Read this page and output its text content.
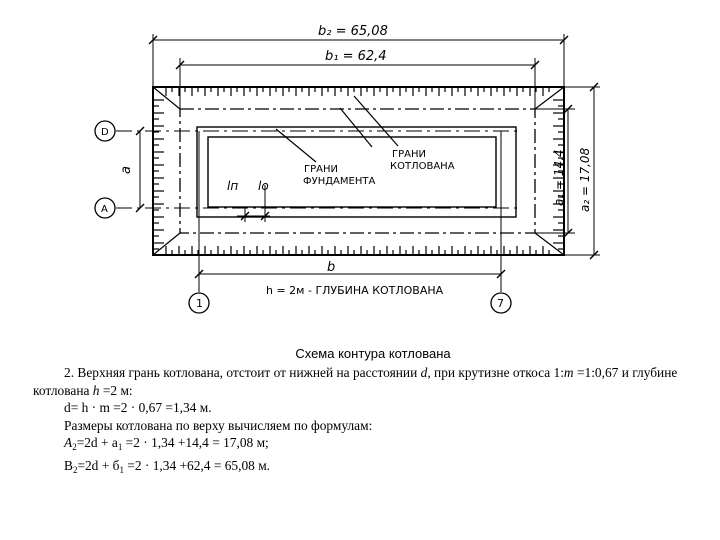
b₂ = 65,08
b₁ = 62,4
b
a	a₁ = 14,4 a₂ = 17,08
lп lо
ГРАНИ
ФУНДАМЕНТА
ГРАНИ
КОТЛОВАНА
h = 2м - ГЛУБИНА КОТЛОВАНА
D
A
1	7
Схема контура котлована

2. Верхняя грань котлована, отстоит от нижней на расстоянии d, при крутизне откоса 1:m =1:0,67 и глубине котлована h =2 м:

d= h · m =2 · 0,67 =1,34 м.

Размеры котлована по верху вычисляем по формулам:

$A_2=2d + a_1 =2 \cdot 1,34 +14,4 = 17,08$ м;

$B_2=2d + б_1 =2 \cdot 1,34 +62,4 = 65,08$ м.
